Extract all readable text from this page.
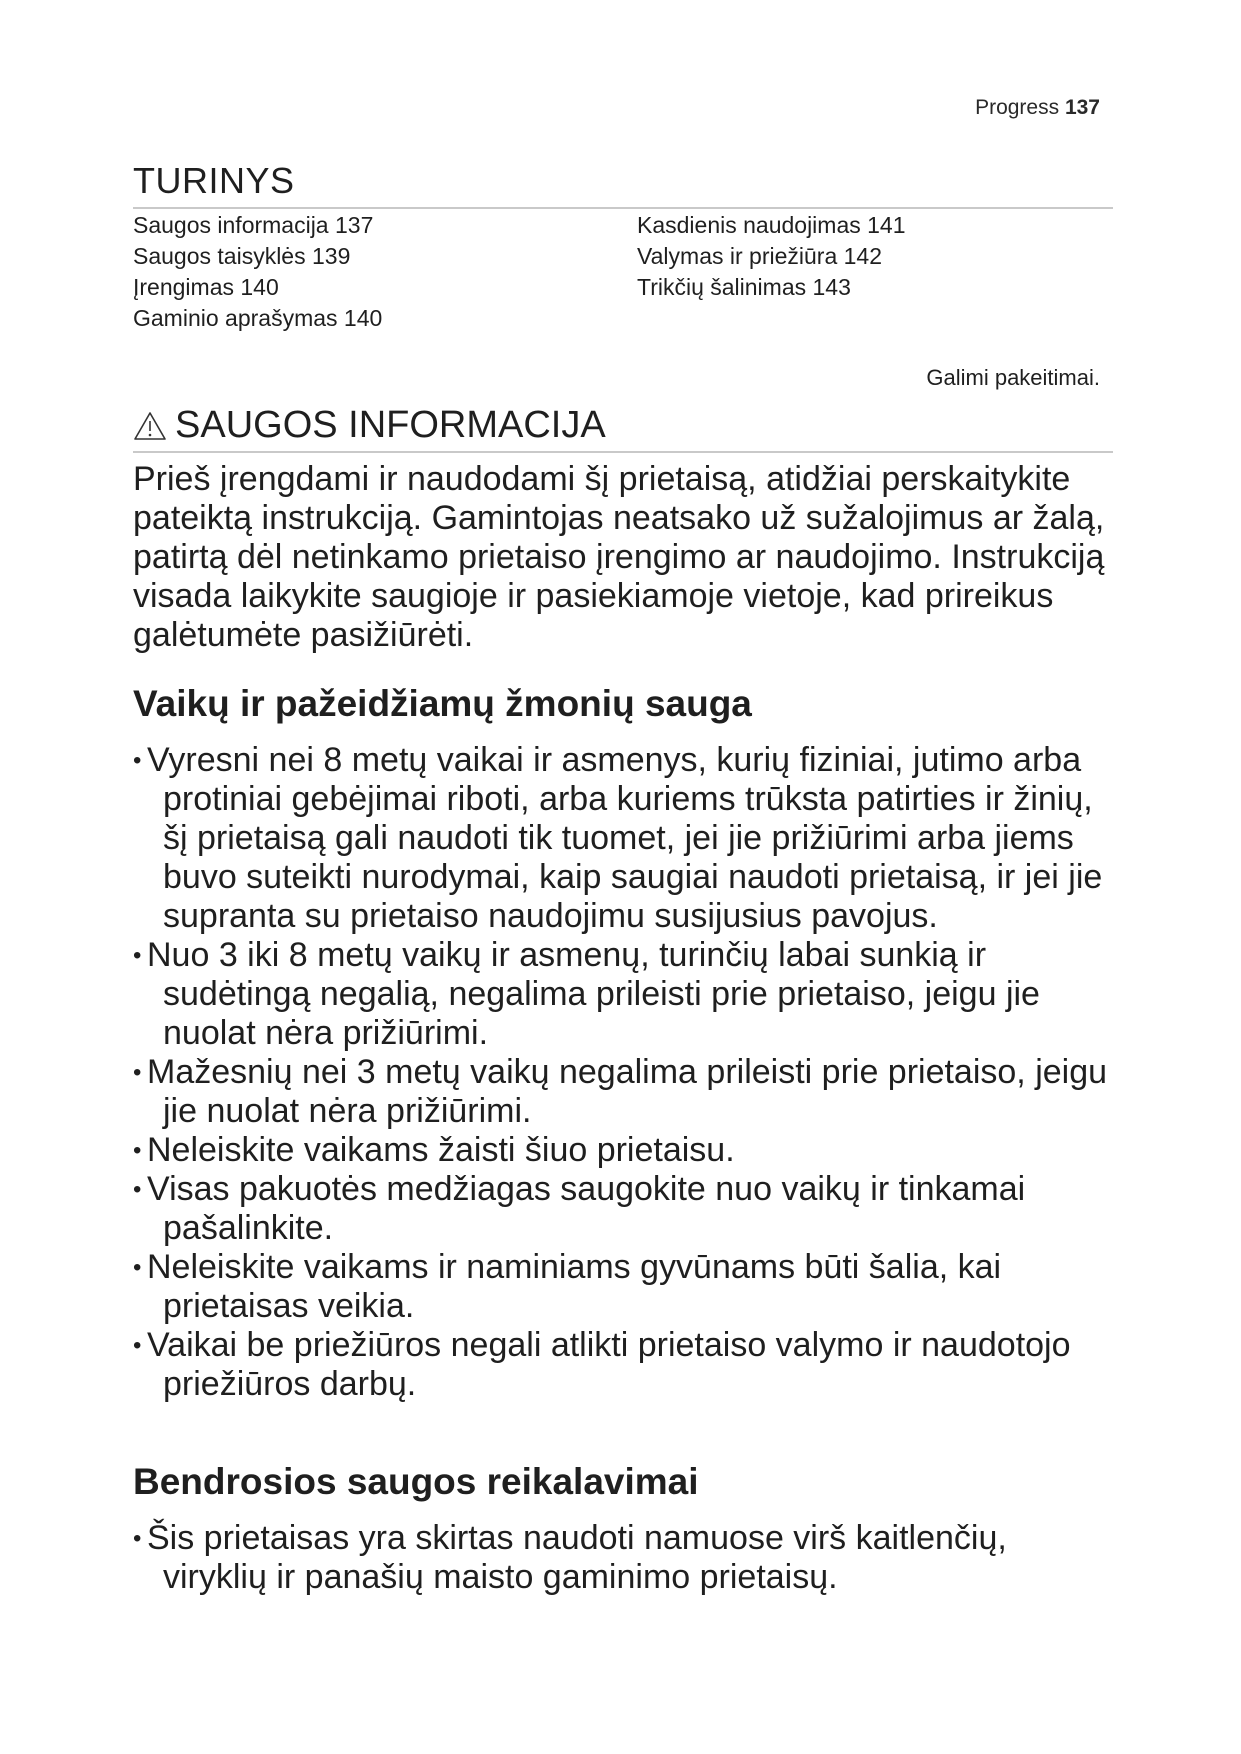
Progress 137
TURINYS
Saugos informacija 137
Saugos taisyklės 139
Įrengimas 140
Gaminio aprašymas 140
Kasdienis naudojimas 141
Valymas ir priežiūra 142
Trikčių šalinimas 143
Galimi pakeitimai.
SAUGOS INFORMACIJA

Prieš įrengdami ir naudodami šį prietaisą, atidžiai perskaitykite pateiktą instrukciją. Gamintojas neatsako už sužalojimus ar žalą, patirtą dėl netinkamo prietaiso įrengimo ar naudojimo. Instrukciją visada laikykite saugioje ir pasiekiamoje vietoje, kad prireikus galėtumėte pasižiūrėti.

Vaikų ir pažeidžiamų žmonių sauga
• Vyresni nei 8 metų vaikai ir asmenys, kurių fiziniai, jutimo arba protiniai gebėjimai riboti, arba kuriems trūksta patirties ir žinių, šį prietaisą gali naudoti tik tuomet, jei jie prižiūrimi arba jiems buvo suteikti nurodymai, kaip saugiai naudoti prietaisą, ir jei jie supranta su prietaiso naudojimu susijusius pavojus.
• Nuo 3 iki 8 metų vaikų ir asmenų, turinčių labai sunkią ir sudėtingą negalią, negalima prileisti prie prietaiso, jeigu jie nuolat nėra prižiūrimi.
• Mažesnių nei 3 metų vaikų negalima prileisti prie prietaiso, jeigu jie nuolat nėra prižiūrimi.
• Neleiskite vaikams žaisti šiuo prietaisu.
• Visas pakuotės medžiagas saugokite nuo vaikų ir tinkamai pašalinkite.
• Neleiskite vaikams ir naminiams gyvūnams būti šalia, kai prietaisas veikia.
• Vaikai be priežiūros negali atlikti prietaiso valymo ir naudotojo priežiūros darbų.
Bendrosios saugos reikalavimai
• Šis prietaisas yra skirtas naudoti namuose virš kaitlenčių, viryklių ir panašių maisto gaminimo prietaisų.
